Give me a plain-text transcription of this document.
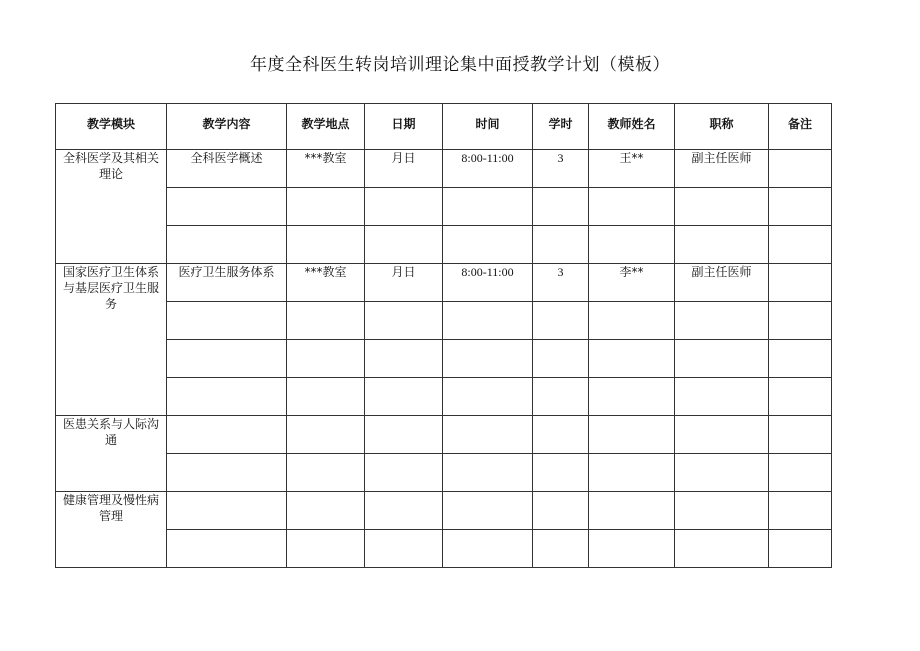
年度全科医生转岗培训理论集中面授教学计划（模板）
教学模块	教学内容	教学地点	日期	时间	学时	教师姓名	职称	备注

全科医学及其相关理论	全科医学概述	***教室	月日	8:00-11:00	3	王**	副主任医师	

国家医疗卫生体系与基层医疗卫生服务	医疗卫生服务体系	***教室	月日	8:00-11:00	3	李**	副主任医师	

医患关系与人际沟通								

健康管理及慢性病管理								
